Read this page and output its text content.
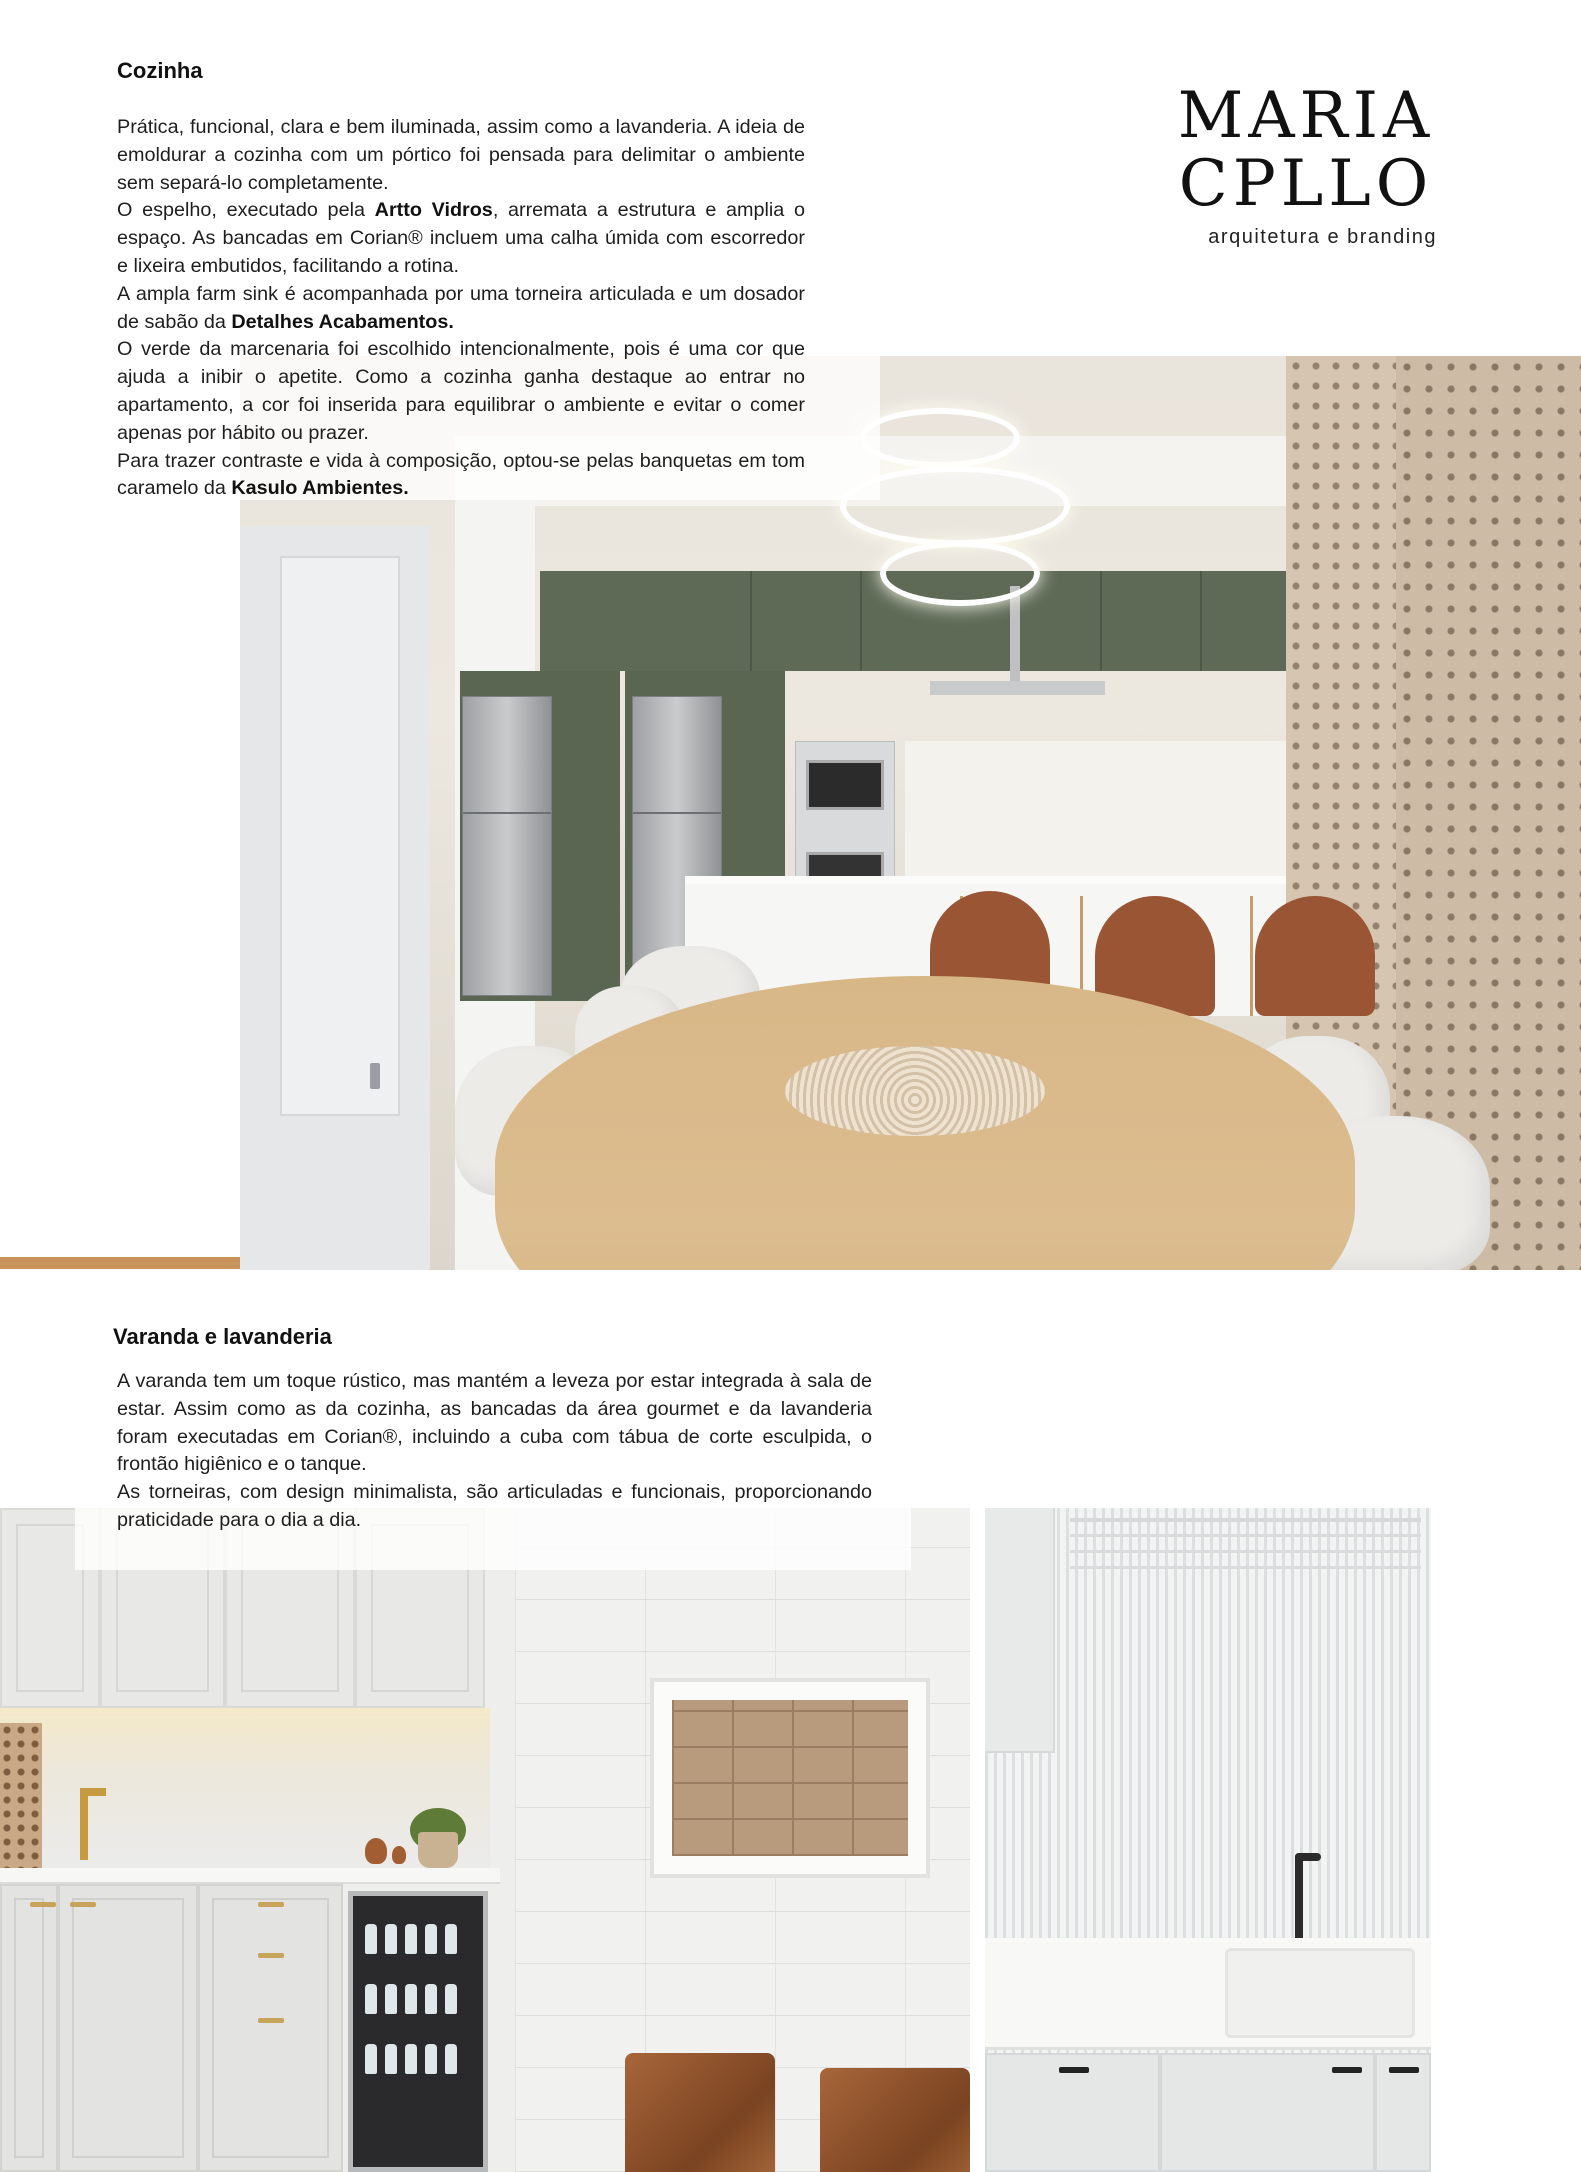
Cozinha
Prática, funcional, clara e bem iluminada, assim como a lavanderia. A ideia de emoldurar a cozinha com um pórtico foi pensada para delimitar o ambiente sem separá-lo completamente.
O espelho, executado pela Artto Vidros, arremata a estrutura e amplia o espaço. As bancadas em Corian® incluem uma calha úmida com escorredor e lixeira embutidos, facilitando a rotina.
A ampla farm sink é acompanhada por uma torneira articulada e um dosador de sabão da Detalhes Acabamentos.
O verde da marcenaria foi escolhido intencionalmente, pois é uma cor que ajuda a inibir o apetite. Como a cozinha ganha destaque ao entrar no apartamento, a cor foi inserida para equilibrar o ambiente e evitar o comer apenas por hábito ou prazer.
Para trazer contraste e vida à composição, optou-se pelas banquetas em tom caramelo da Kasulo Ambientes.
MARIA
CPLLO
arquitetura e branding
Varanda e lavanderia
A varanda tem um toque rústico, mas mantém a leveza por estar integrada à sala de estar. Assim como as da cozinha, as bancadas da área gourmet e da lavanderia foram executadas em Corian®, incluindo a cuba com tábua de corte esculpida, o frontão higiênico e o tanque.
As torneiras, com design minimalista, são articuladas e funcionais, proporcionando praticidade para o dia a dia.
